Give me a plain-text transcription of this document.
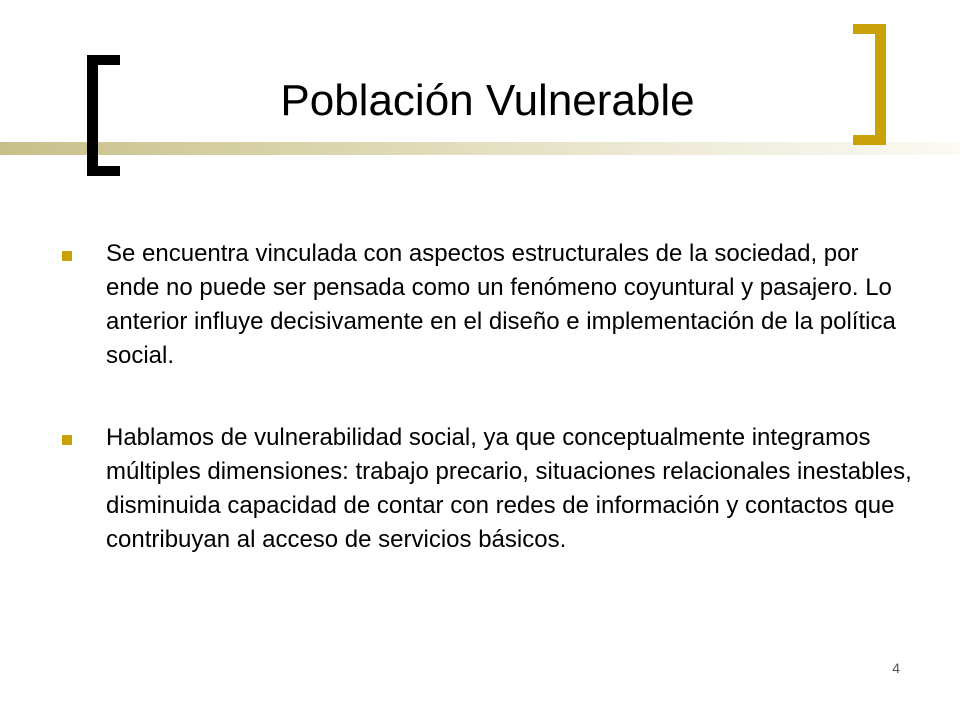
Población Vulnerable
Se encuentra vinculada con aspectos estructurales de la sociedad, por ende no puede ser pensada como un fenómeno coyuntural y pasajero. Lo anterior influye decisivamente en el diseño e implementación de la política social.
Hablamos de vulnerabilidad social, ya que conceptualmente integramos múltiples dimensiones: trabajo precario, situaciones relacionales inestables, disminuida capacidad de contar con redes de información y contactos que contribuyan al acceso de servicios básicos.
4
